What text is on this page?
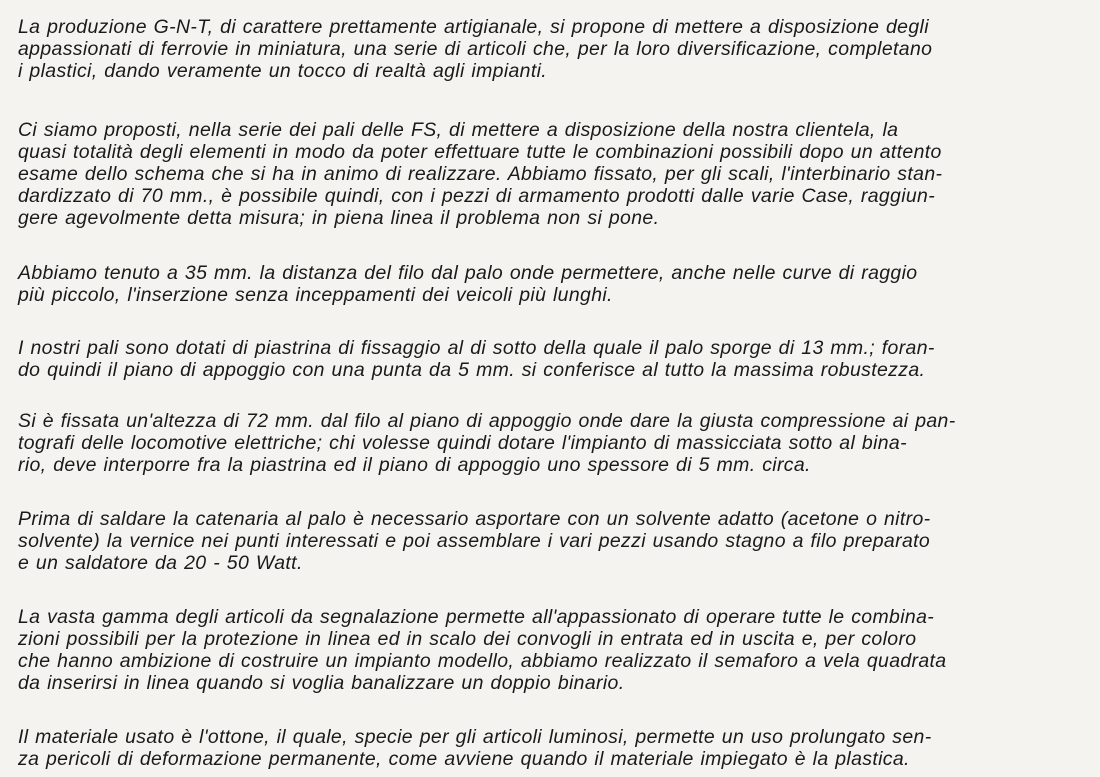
La produzione G-N-T, di carattere prettamente artigianale, si propone di mettere a disposizione degli
appassionati di ferrovie in miniatura, una serie di articoli che, per la loro diversificazione, completano
i plastici, dando veramente un tocco di realtà agli impianti.

Ci siamo proposti, nella serie dei pali delle FS, di mettere a disposizione della nostra clientela, la
quasi totalità degli elementi in modo da poter effettuare tutte le combinazioni possibili dopo un attento
esame dello schema che si ha in animo di realizzare. Abbiamo fissato, per gli scali, l'interbinario stan-
dardizzato di 70 mm., è possibile quindi, con i pezzi di armamento prodotti dalle varie Case, raggiun-
gere agevolmente detta misura; in piena linea il problema non si pone.

Abbiamo tenuto a 35 mm. la distanza del filo dal palo onde permettere, anche nelle curve di raggio
più piccolo, l'inserzione senza inceppamenti dei veicoli più lunghi.

I nostri pali sono dotati di piastrina di fissaggio al di sotto della quale il palo sporge di 13 mm.; foran-
do quindi il piano di appoggio con una punta da 5 mm. si conferisce al tutto la massima robustezza.

Si è fissata un'altezza di 72 mm. dal filo al piano di appoggio onde dare la giusta compressione ai pan-
tografi delle locomotive elettriche; chi volesse quindi dotare l'impianto di massicciata sotto al bina-
rio, deve interporre fra la piastrina ed il piano di appoggio uno spessore di 5 mm. circa.

Prima di saldare la catenaria al palo è necessario asportare con un solvente adatto (acetone o nitro-
solvente) la vernice nei punti interessati e poi assemblare i vari pezzi usando stagno a filo preparato
e un saldatore da 20 - 50 Watt.

La vasta gamma degli articoli da segnalazione permette all'appassionato di operare tutte le combina-
zioni possibili per la protezione in linea ed in scalo dei convogli in entrata ed in uscita e, per coloro
che hanno ambizione di costruire un impianto modello, abbiamo realizzato il semaforo a vela quadrata
da inserirsi in linea quando si voglia banalizzare un doppio binario.

Il materiale usato è l'ottone, il quale, specie per gli articoli luminosi, permette un uso prolungato sen-
za pericoli di deformazione permanente, come avviene quando il materiale impiegato è la plastica.
